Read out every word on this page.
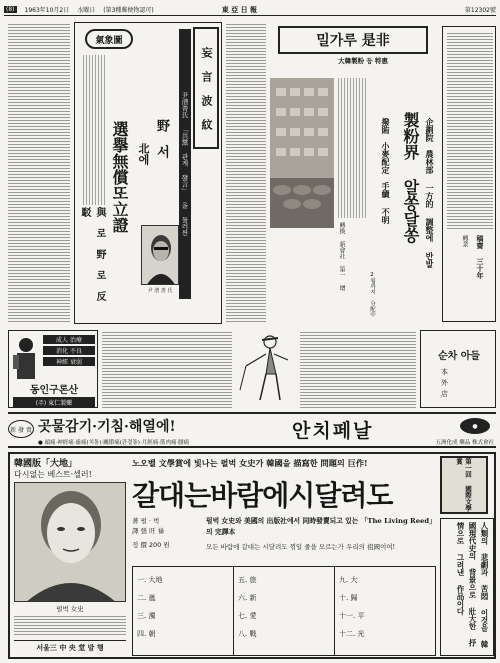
(8)	1963年10月2日 水曜日 (第3種郵便物認可)	東 亞 日 報	第12302號
氣象圖
妄 言 波 紋
尹潽善氏 「共黨 관계 發言」 을 둘러싼
野　서
北에
選擧無償또立證
與 로 野 로 反 駁
尹 潽 善 氏
밀가루 是非
大韓製粉 등 特惠
轉換 新會社 第一 增
製粉界 알쏭달쏭 企劃院　農林部 一方的 調整에 반발
撥賄　小麥配定　手續 不明
2월까지 分配中
稿齋 三十年
轉業
成人 治療
消化 不良
神經 衰弱
동인구론산
(주) 東仁製藥
순차 아들
本
外
店
新 發 賣 곳물감기·기침·해열에!	안치페날	●
● 頭痛·神經痛·齒痛(치통)·關節痛(관절통)·月經痛·筋肉痛·腰痛	五洲化成 藥品 株式會社
韓國版「大地」
다시없는 베스트·셀러!
노오벨 文學賞에 빛나는 펄벅 女史가 韓國을 描寫한 問題의 巨作!	第一回 國際文學賞
갈대는바람에시달려도
펄벅 女史
서울三 中 央 堂 발 행
著 펄 · 벅
譯 張 旺 祿
정 價 200 원
펄벅 女史와 美國의 出版社에서 同時發賣되고 있는 「The Living Reed」의 完譯本
모든 바람에 갈대는 시달려도 꺾일 줄을 모르는가 우리의 祖國이여!
一. 大地
二. 嵐
三. 濁
四. 朝
五. 旅
六. 新
七. 愛
八. 戰
九. 大
十. 歸
十一. 平
十二. 光	人類의 悲劇과 苦悶 이것을 韓國現代史의 背景으로 壯大한 抒情으로 그려낸 作品이다
